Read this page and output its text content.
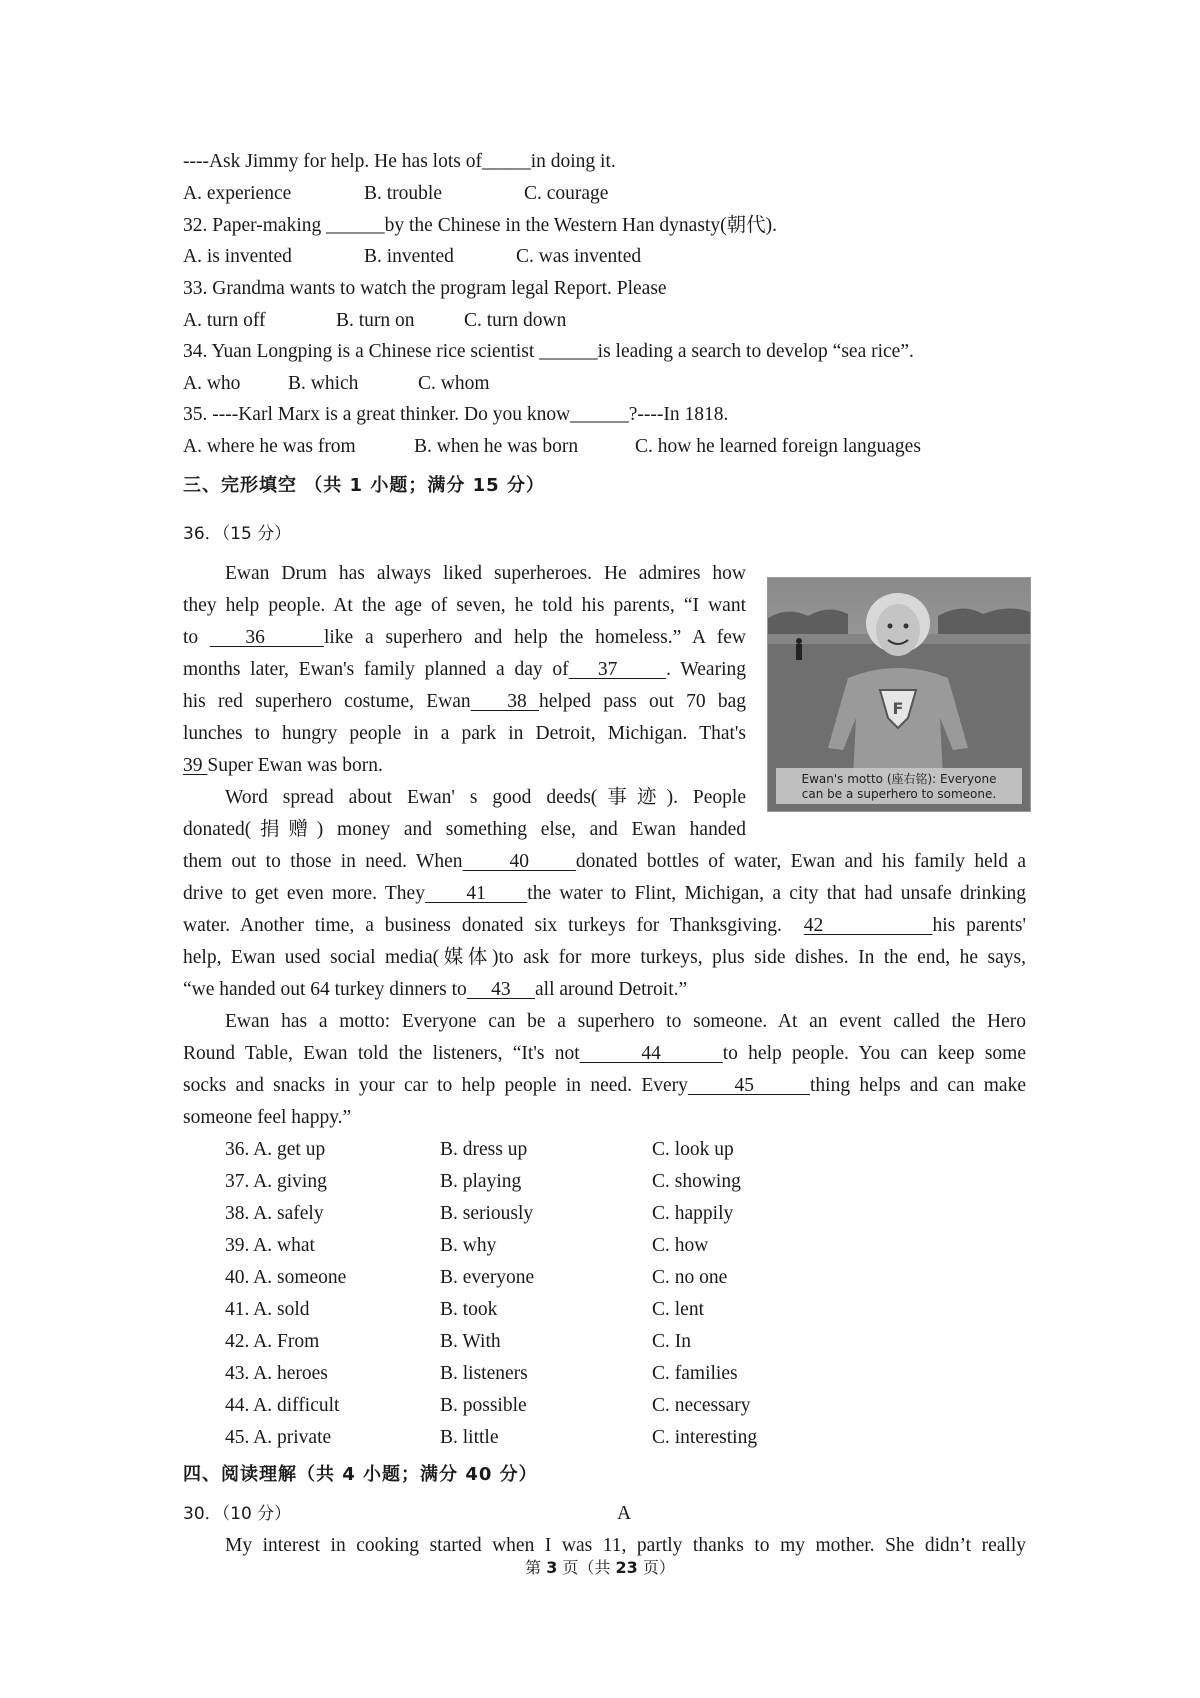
----Ask Jimmy for help. He has lots of_____in doing it.
A. experience	B. trouble	C. courage
32. Paper-making ______by the Chinese in the Western Han dynasty(朝代).
A. is invented	B. invented	C. was invented
33. Grandma wants to watch the program legal Report. Please
A. turn off	B. turn on	C. turn down
34. Yuan Longping is a Chinese rice scientist ______is leading a search to develop “sea rice”.
A. who B. which	C. whom
35. ----Karl Marx is a great thinker. Do you know______?----In 1818.
A. where he was from	B. when he was born	C. how he learned foreign languages
三、完形填空 （共 1 小题；满分 15 分）
36．（15 分）
Ewan Drum has always liked superheroes. He admires how
they help people. At the age of seven, he told his parents, “I want
to    36     like a superhero and help the homeless.” A few
months later, Ewan's family planned a day of   37     . Wearing
his red superhero costume, Ewan   38 helped pass out 70 bag
lunches to hungry people in a park in Detroit, Michigan. That's
39 Super Ewan was born.
Word spread about Ewan' s good deeds(事迹). People
donated(捐赠) money and something else, and Ewan handed
them out to those in need. When     40     donated bottles of water, Ewan and his family held a
drive to get even more. They     41     the water to Flint, Michigan, a city that had unsafe drinking
water. Another time, a business donated six turkeys for Thanksgiving.  42          his parents'
help, Ewan used social media(媒体)to ask for more turkeys, plus side dishes. In the end, he says,
“we handed out 64 turkey dinners to     43     all around Detroit.”
Ewan has a motto: Everyone can be a superhero to someone. At an event called the Hero
Round Table, Ewan told the listeners, “It's not      44      to help people. You can keep some
socks and snacks in your car to help people in need. Every     45      thing helps and can make
someone feel happy.”
F
Ewan's motto (座右铭): Everyone
can be a superhero to someone.
36. A. get up	B. dress up	C. look up
37. A. giving	B. playing	C. showing
38. A. safely	B. seriously	C. happily
39. A. what	B. why	C. how
40. A. someone	B. everyone	C. no one
41. A. sold	B. took	C. lent
42. A. From	B. With	C. In
43. A. heroes	B. listeners	C. families
44. A. difficult	B. possible	C. necessary
45. A. private	B. little	C. interesting
四、阅读理解（共 4 小题；满分 40 分）
30．（10 分）	A
My interest in cooking started when I was 11, partly thanks to my mother. She didn’t really
第 3 页（共 23 页）
